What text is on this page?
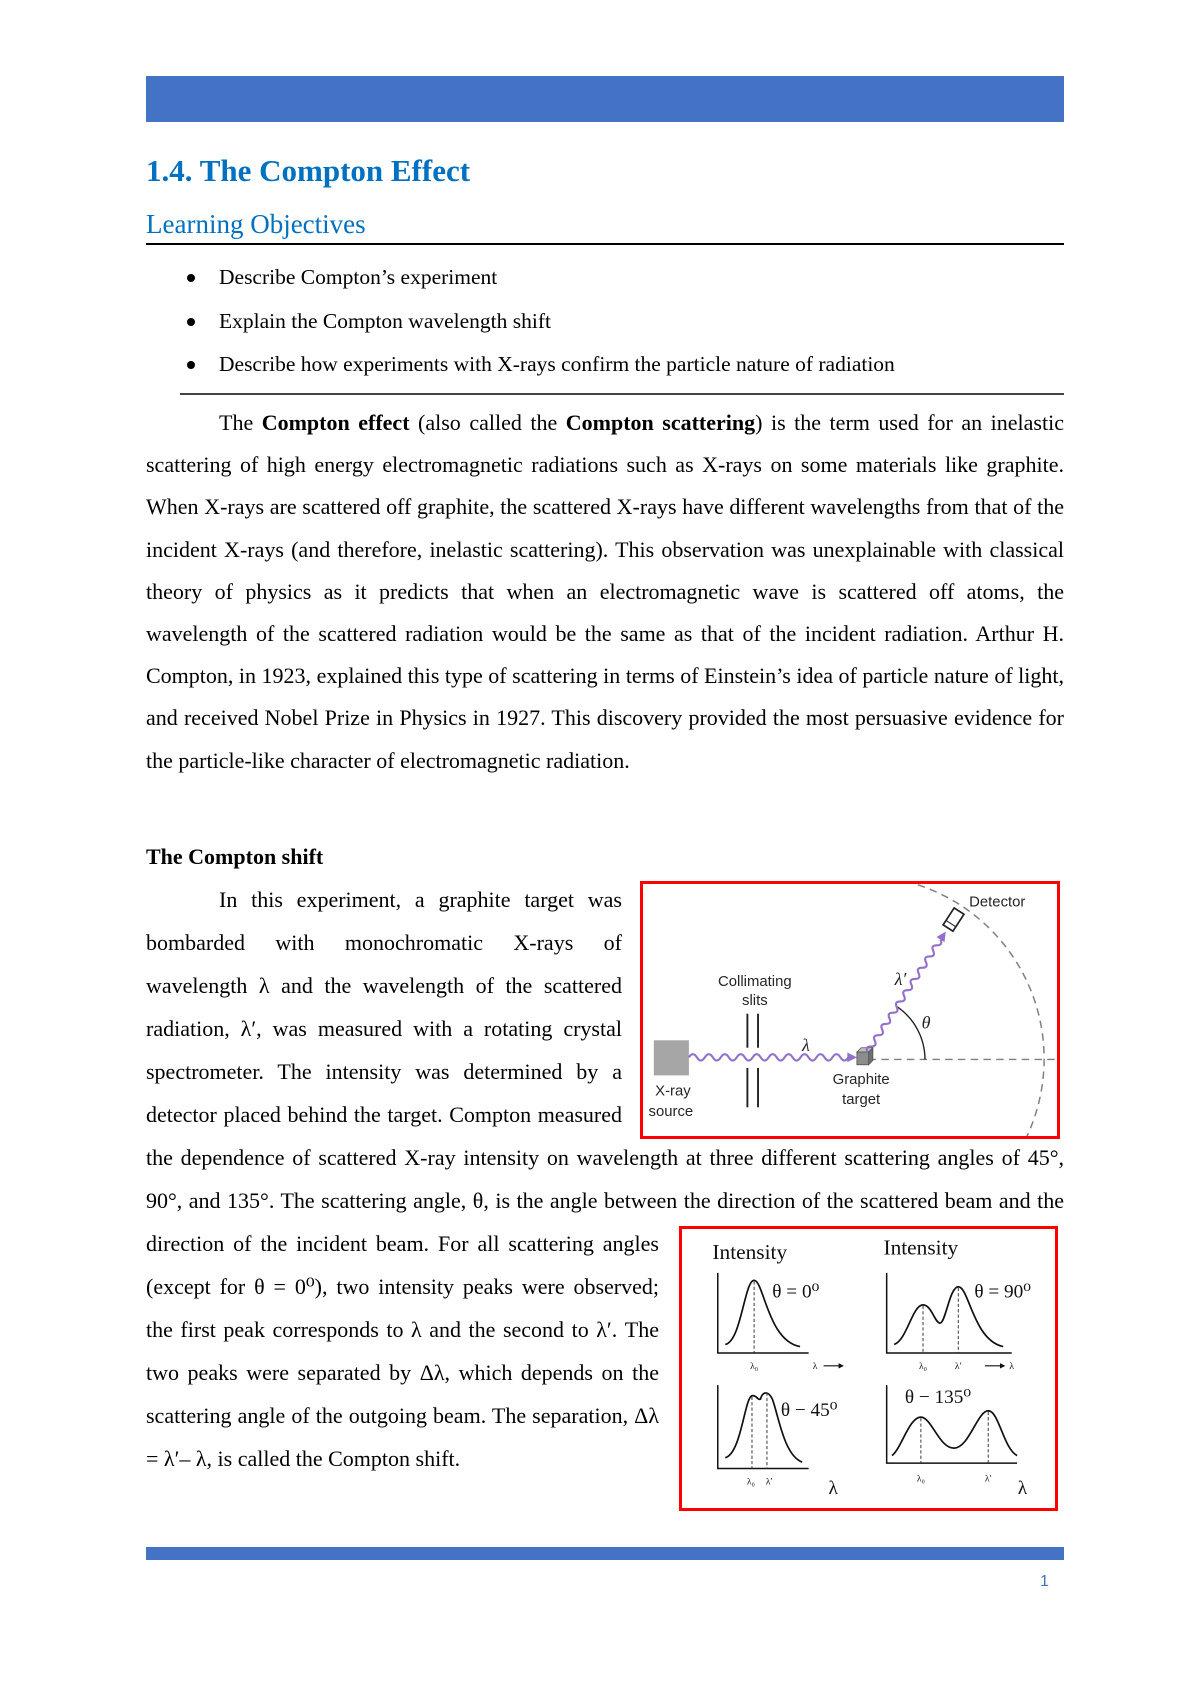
1.4. The Compton Effect
Learning Objectives
Describe Compton’s experiment
Explain the Compton wavelength shift
Describe how experiments with X-rays confirm the particle nature of radiation

The Compton effect (also called the Compton scattering) is the term used for an inelastic scattering of high energy electromagnetic radiations such as X-rays on some materials like graphite. When X-rays are scattered off graphite, the scattered X-rays have different wavelengths from that of the incident X-rays (and therefore, inelastic scattering). This observation was unexplainable with classical theory of physics as it predicts that when an electromagnetic wave is scattered off atoms, the wavelength of the scattered radiation would be the same as that of the incident radiation. Arthur H. Compton, in 1923, explained this type of scattering in terms of Einstein’s idea of particle nature of light, and received Nobel Prize in Physics in 1927. This discovery provided the most persuasive evidence for the particle-like character of electromagnetic radiation.

The Compton shift
X-ray
source
Collimating
slits
λ
Graphite
target
θ
λ′
Detector
Intensity	Intensity
θ = 0⁰
λ₀	λ
θ = 90⁰
λ₀	λ′	λ
θ − 45⁰
λ₀ λ′	λ
θ − 135⁰
λ₀	λ′ λ

In this experiment, a graphite target was bombarded with monochromatic X-rays of wavelength λ and the wavelength of the scattered radiation, λ′, was measured with a rotating crystal spectrometer. The intensity was determined by a detector placed behind the target. Compton measured the dependence of scattered X-ray intensity on wavelength at three different scattering angles of 45°, 90°, and 135°. The scattering angle, θ, is the angle between the direction of the scattered beam and the direction of the incident beam. For all scattering angles (except for θ = 0⁰), two intensity peaks were observed; the first peak corresponds to λ and the second to λ′. The two peaks were separated by Δλ, which depends on the scattering angle of the outgoing beam. The separation, Δλ = λ′– λ, is called the Compton shift.

1
